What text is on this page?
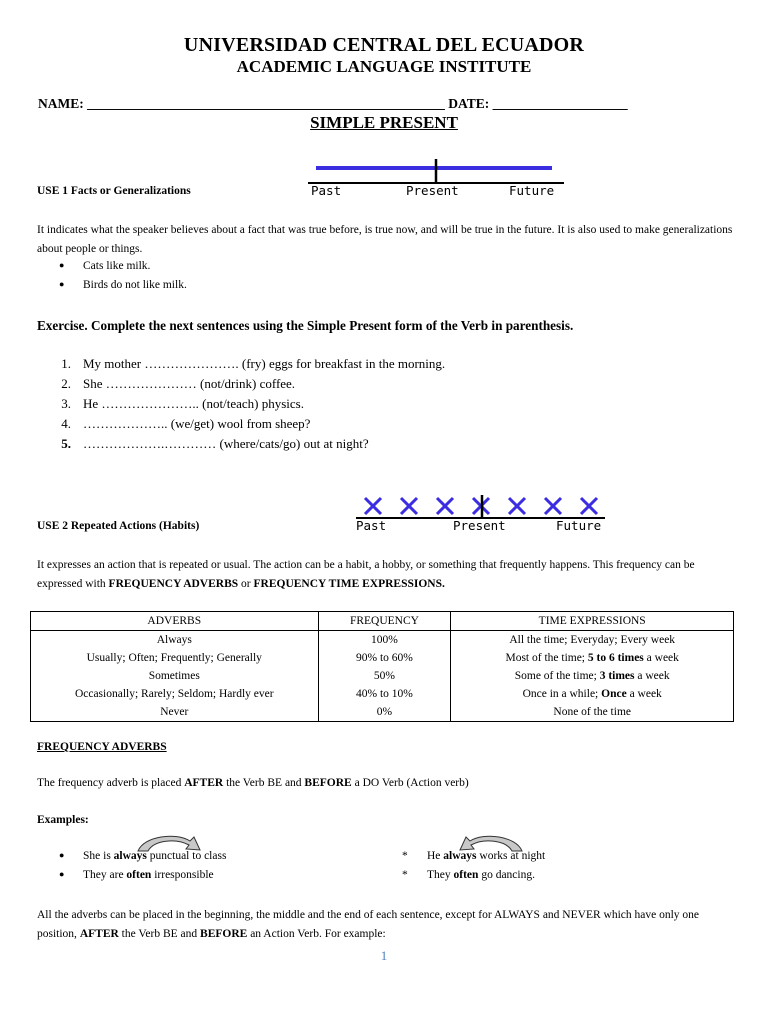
UNIVERSIDAD CENTRAL DEL ECUADOR
ACADEMIC LANGUAGE INSTITUTE
NAME: _____________________________________________________ DATE: ____________________
SIMPLE PRESENT
Past	Present	Future
USE 1 Facts or Generalizations
It indicates what the speaker believes about a fact that was true before, is true now, and will be true in the future. It is also used to make generalizations about people or things.
● Cats like milk.
● Birds do not like milk.
Exercise. Complete the next sentences using the Simple Present form of the Verb in parenthesis.
1. My mother …………………. (fry) eggs for breakfast in the morning.
2. She ………………… (not/drink) coffee.
3. He ………………….. (not/teach) physics.
4. ……………….. (we/get) wool from sheep?
5. ……………….………… (where/cats/go) out at night?
Past	Present	Future
USE 2 Repeated Actions (Habits)
It expresses an action that is repeated or usual. The action can be a habit, a hobby, or something that frequently happens. This frequency can be expressed with FREQUENCY ADVERBS or FREQUENCY TIME EXPRESSIONS.
ADVERBS	FREQUENCY	TIME EXPRESSIONS
Always	100%	All the time; Everyday; Every week
Usually; Often; Frequently; Generally	90% to 60%	Most of the time; 5 to 6 times a week
Sometimes	50%	Some of the time; 3 times a week
Occasionally; Rarely; Seldom; Hardly ever	40% to 10%	Once in a while; Once a week
Never	0%	None of the time
FREQUENCY ADVERBS
The frequency adverb is placed AFTER the Verb BE and BEFORE a DO Verb (Action verb)
Examples:
● She is always punctual to class
● They are often irresponsible
* He always works at night
* They often go dancing.
All the adverbs can be placed in the beginning, the middle and the end of each sentence, except for ALWAYS and NEVER which have only one position, AFTER the Verb BE and BEFORE an Action Verb. For example:
1
